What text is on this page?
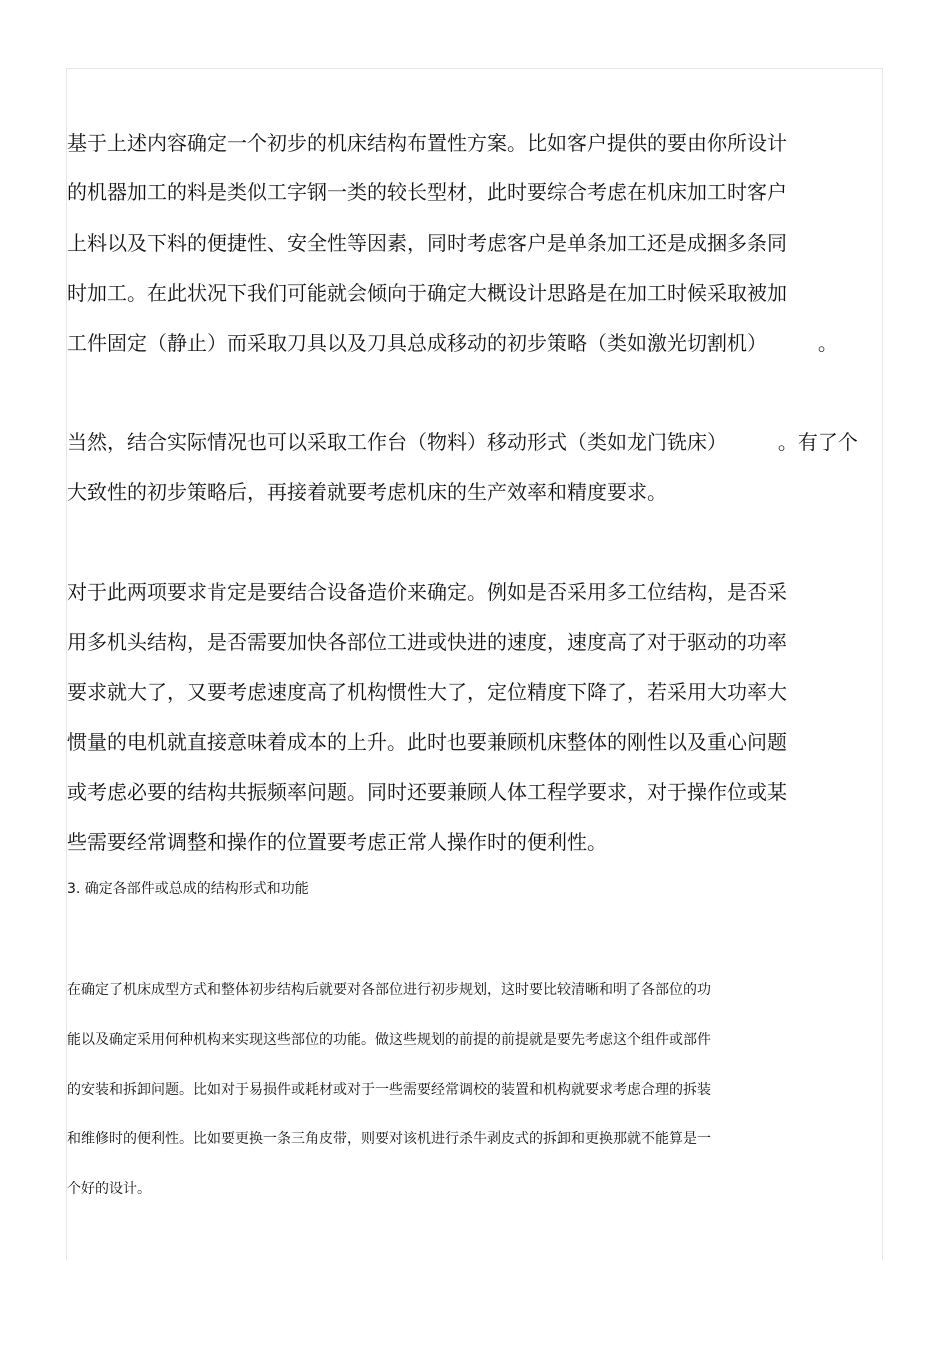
基于上述内容确定一个初步的机床结构布置性方案。比如客户提供的要由你所设计
的机器加工的料是类似工字钢一类的较长型材，此时要综合考虑在机床加工时客户
上料以及下料的便捷性、安全性等因素，同时考虑客户是单条加工还是成捆多条同
时加工。在此状况下我们可能就会倾向于确定大概设计思路是在加工时候采取被加
工件固定（静止）而采取刀具以及刀具总成移动的初步策略（类如激光切割机）        。
当然，结合实际情况也可以采取工作台（物料）移动形式（类如龙门铣床）        。有了个
大致性的初步策略后，再接着就要考虑机床的生产效率和精度要求。
对于此两项要求肯定是要结合设备造价来确定。例如是否采用多工位结构，是否采
用多机头结构，是否需要加快各部位工进或快进的速度，速度高了对于驱动的功率
要求就大了，又要考虑速度高了机构惯性大了，定位精度下降了，若采用大功率大
惯量的电机就直接意味着成本的上升。此时也要兼顾机床整体的刚性以及重心问题
或考虑必要的结构共振频率问题。同时还要兼顾人体工程学要求，对于操作位或某
些需要经常调整和操作的位置要考虑正常人操作时的便利性。
3. 确定各部件或总成的结构形式和功能
在确定了机床成型方式和整体初步结构后就要对各部位进行初步规划，这时要比较清晰和明了各部位的功
能以及确定采用何种机构来实现这些部位的功能。做这些规划的前提的前提就是要先考虑这个组件或部件
的安装和拆卸问题。比如对于易损件或耗材或对于一些需要经常调校的装置和机构就要求考虑合理的拆装
和维修时的便利性。比如要更换一条三角皮带，则要对该机进行杀牛剥皮式的拆卸和更换那就不能算是一
个好的设计。
